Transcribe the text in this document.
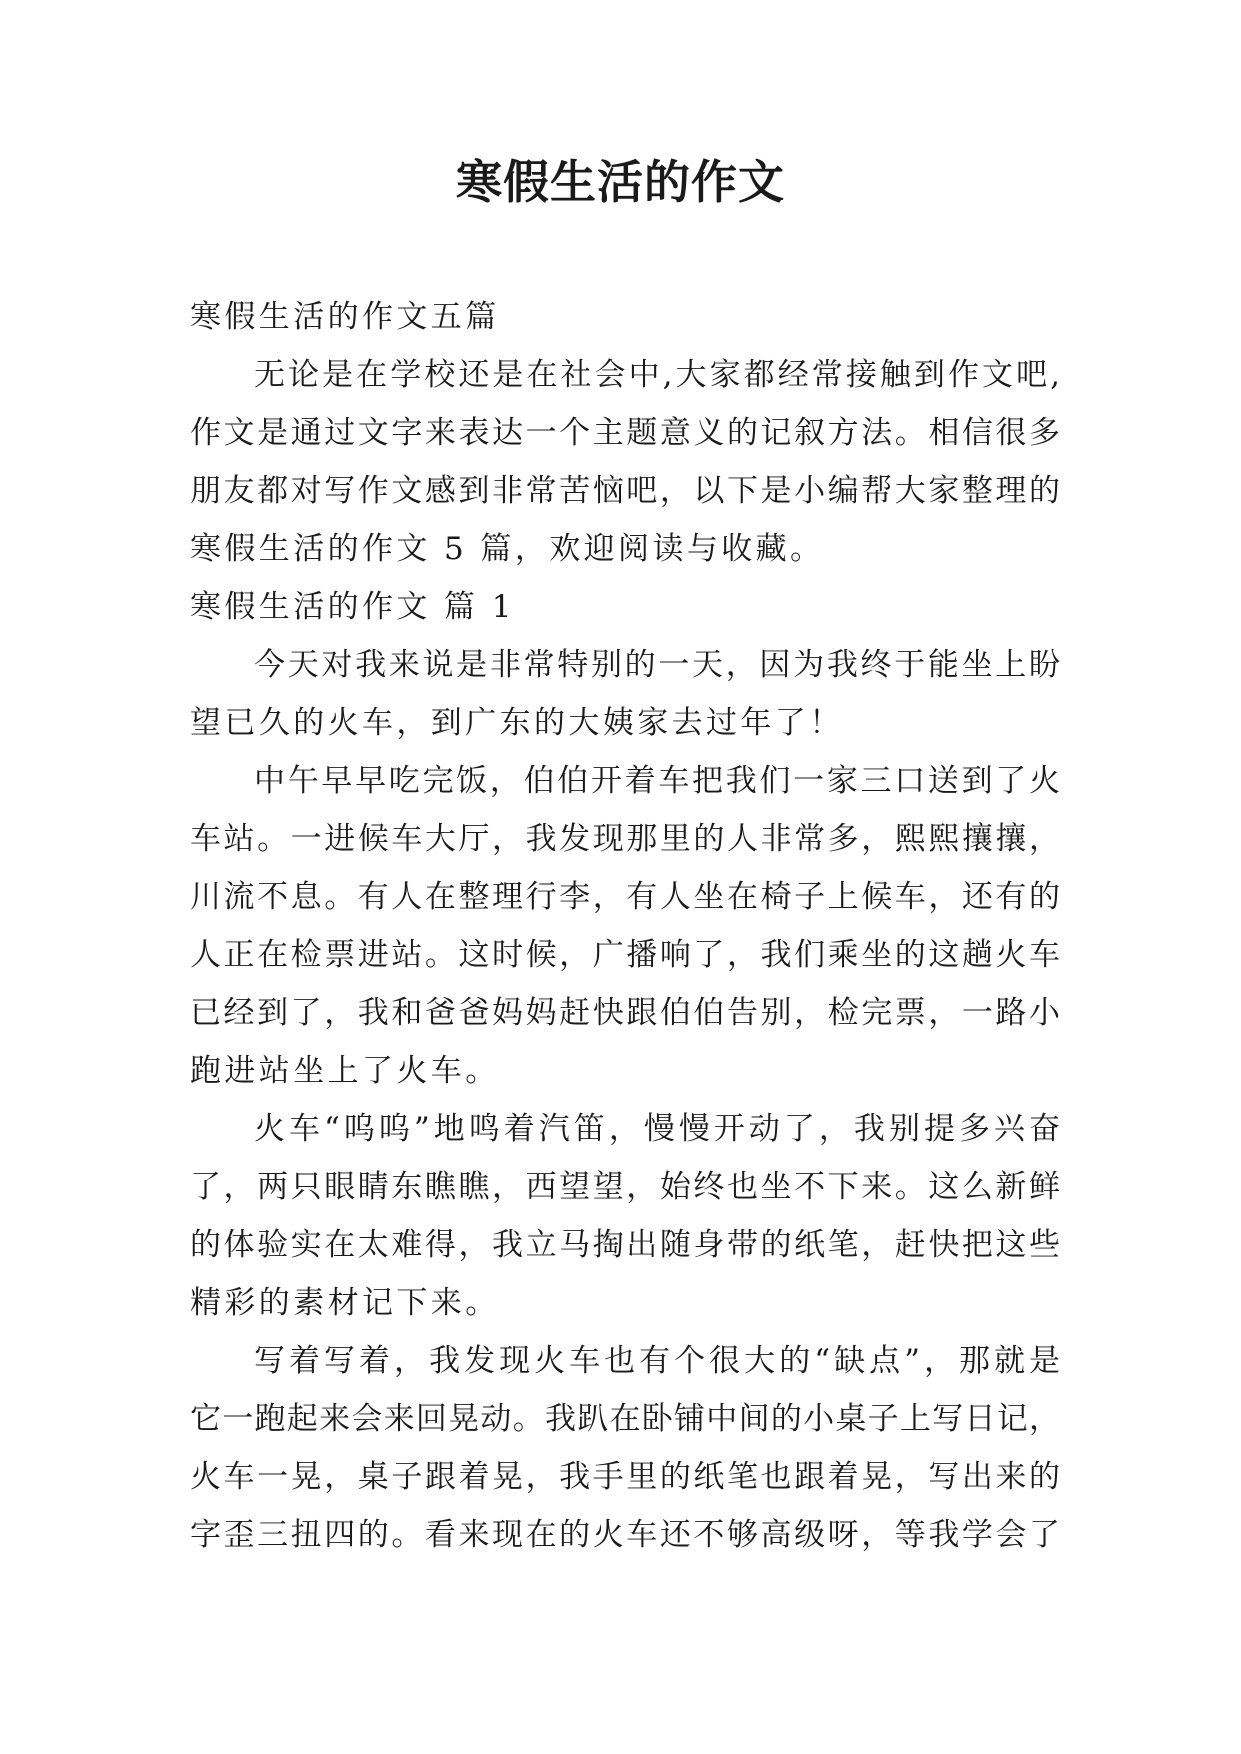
寒假生活的作文

寒假生活的作文五篇

无论是在学校还是在社会中,大家都经常接触到作文吧,

作文是通过文字来表达一个主题意义的记叙方法。相信很多

朋友都对写作文感到非常苦恼吧，以下是小编帮大家整理的

寒假生活的作文 5 篇，欢迎阅读与收藏。

寒假生活的作文 篇 1

今天对我来说是非常特别的一天，因为我终于能坐上盼

望已久的火车，到广东的大姨家去过年了！

中午早早吃完饭，伯伯开着车把我们一家三口送到了火

车站。一进候车大厅，我发现那里的人非常多，熙熙攘攘，

川流不息。有人在整理行李，有人坐在椅子上候车，还有的

人正在检票进站。这时候，广播响了，我们乘坐的这趟火车

已经到了，我和爸爸妈妈赶快跟伯伯告别，检完票，一路小

跑进站坐上了火车。

火车“呜呜”地鸣着汽笛，慢慢开动了，我别提多兴奋

了，两只眼睛东瞧瞧，西望望，始终也坐不下来。这么新鲜

的体验实在太难得，我立马掏出随身带的纸笔，赶快把这些

精彩的素材记下来。

写着写着，我发现火车也有个很大的“缺点”，那就是

它一跑起来会来回晃动。我趴在卧铺中间的小桌子上写日记，

火车一晃，桌子跟着晃，我手里的纸笔也跟着晃，写出来的

字歪三扭四的。看来现在的火车还不够高级呀，等我学会了
